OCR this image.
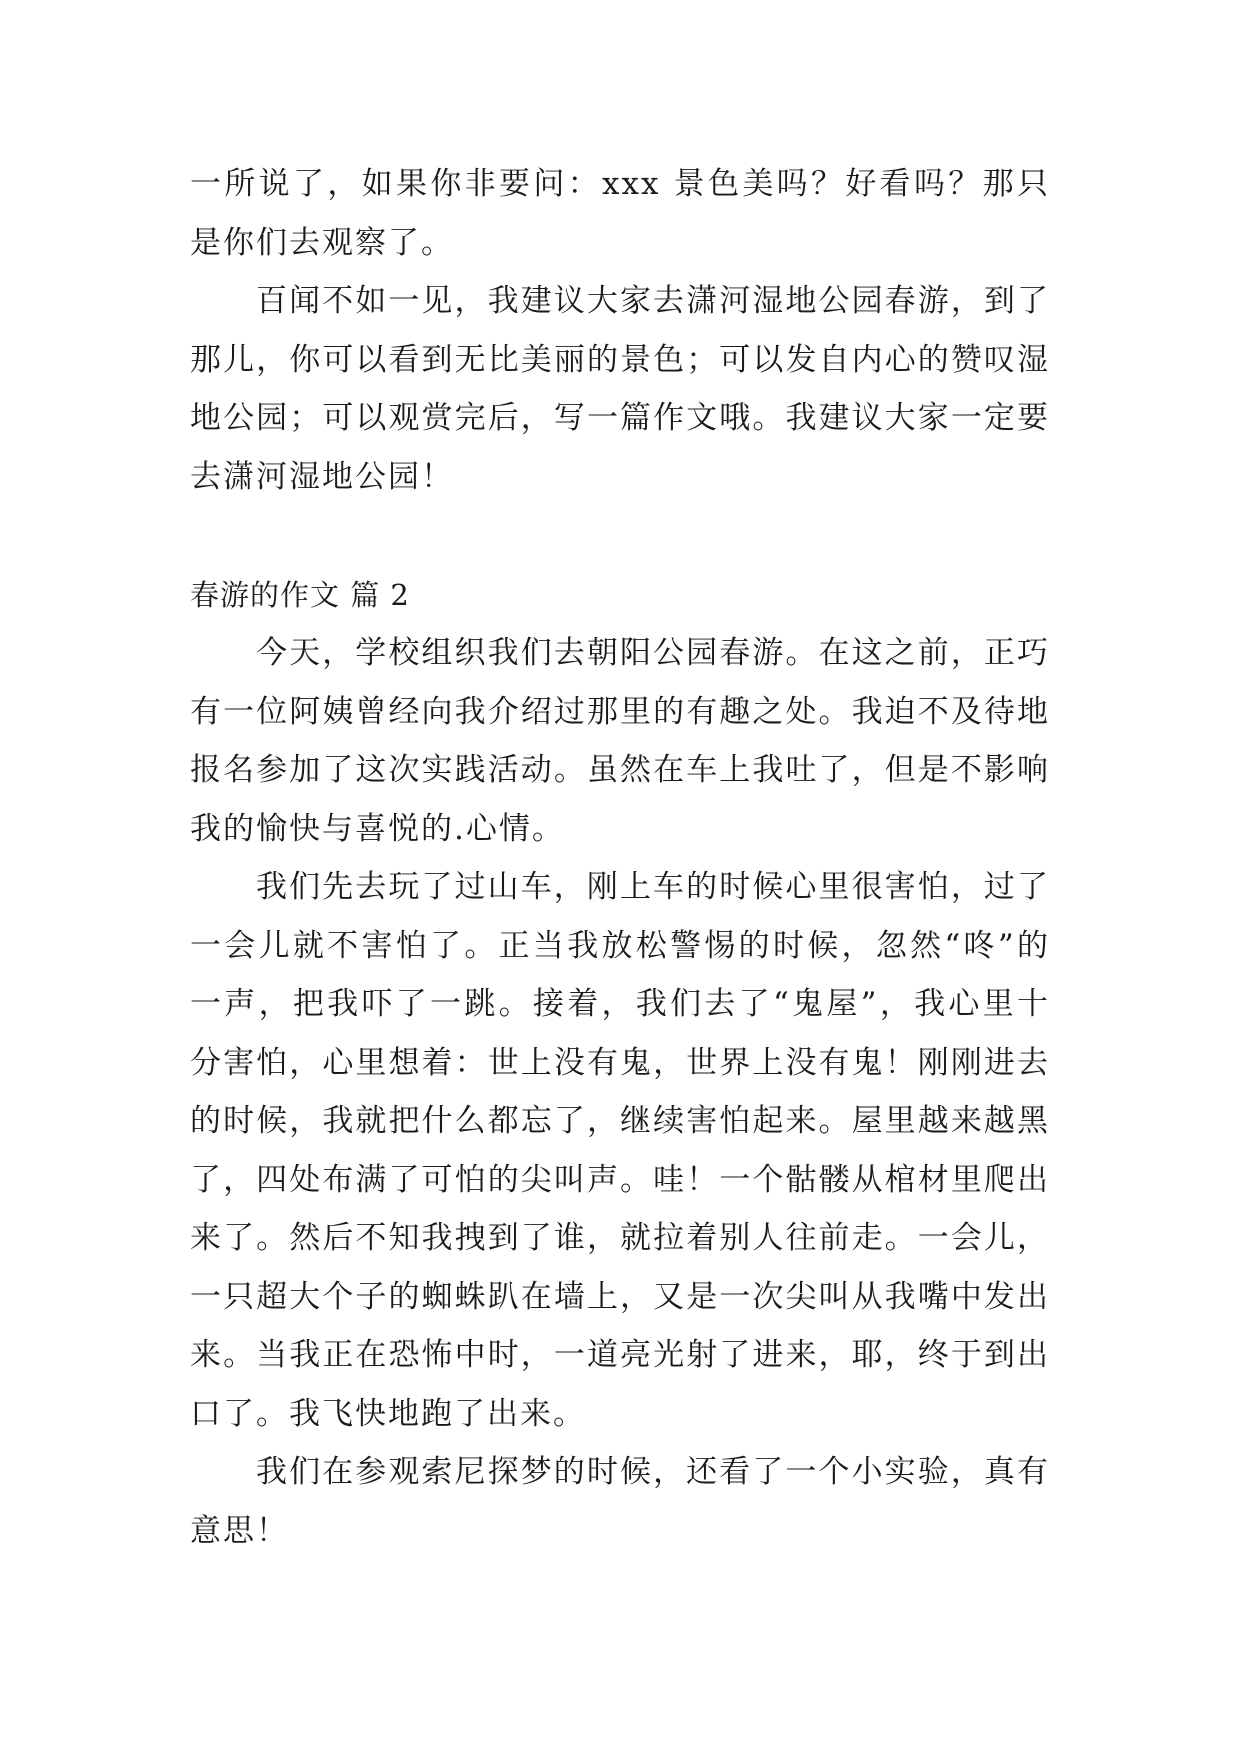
一所说了，如果你非要问：xxx 景色美吗？好看吗？那只是你们去观察了。

百闻不如一见，我建议大家去潇河湿地公园春游，到了那儿，你可以看到无比美丽的景色；可以发自内心的赞叹湿地公园；可以观赏完后，写一篇作文哦。我建议大家一定要去潇河湿地公园！

春游的作文 篇 2

今天，学校组织我们去朝阳公园春游。在这之前，正巧有一位阿姨曾经向我介绍过那里的有趣之处。我迫不及待地报名参加了这次实践活动。虽然在车上我吐了，但是不影响我的愉快与喜悦的.心情。

我们先去玩了过山车，刚上车的时候心里很害怕，过了一会儿就不害怕了。正当我放松警惕的时候，忽然“咚”的一声，把我吓了一跳。接着，我们去了“鬼屋”，我心里十分害怕，心里想着：世上没有鬼，世界上没有鬼！刚刚进去的时候，我就把什么都忘了，继续害怕起来。屋里越来越黑了，四处布满了可怕的尖叫声。哇！一个骷髅从棺材里爬出来了。然后不知我拽到了谁，就拉着别人往前走。一会儿，一只超大个子的蜘蛛趴在墙上，又是一次尖叫从我嘴中发出来。当我正在恐怖中时，一道亮光射了进来，耶，终于到出口了。我飞快地跑了出来。

我们在参观索尼探梦的时候，还看了一个小实验，真有意思！
